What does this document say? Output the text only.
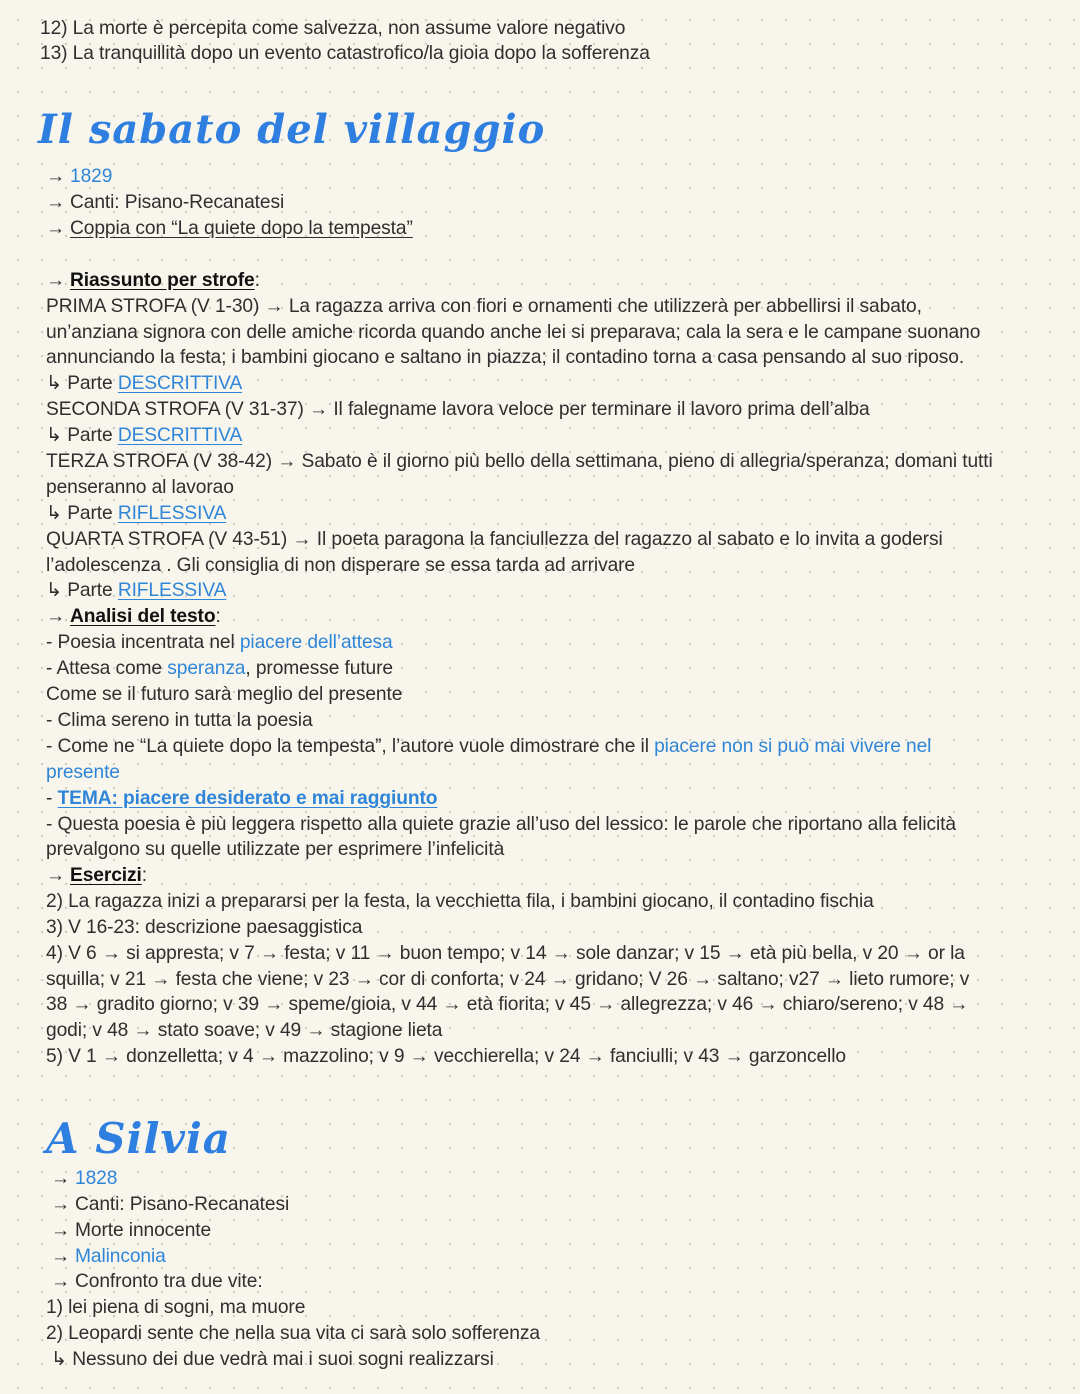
12) La morte è percepita come salvezza, non assume valore negativo
13) La tranquillità dopo un evento catastrofico/la gioia dopo la sofferenza
Il sabato del villaggio
→ 1829
→ Canti: Pisano-Recanatesi
→ Coppia con “La quiete dopo la tempesta”
→ Riassunto per strofe:
PRIMA STROFA (V 1-30) → La ragazza arriva con fiori e ornamenti che utilizzerà per abbellirsi il sabato,
un’anziana signora con delle amiche ricorda quando anche lei si preparava; cala la sera e le campane suonano
annunciando la festa; i bambini giocano e saltano in piazza; il contadino torna a casa pensando al suo riposo.
↳ Parte DESCRITTIVA
SECONDA STROFA (V 31-37) → Il falegname lavora veloce per terminare il lavoro prima dell’alba
↳ Parte DESCRITTIVA
TERZA STROFA (V 38-42) → Sabato è il giorno più bello della settimana, pieno di allegria/speranza; domani tutti
penseranno al lavorao
↳ Parte RIFLESSIVA
QUARTA STROFA (V 43-51) → Il poeta paragona la fanciullezza del ragazzo al sabato e lo invita a godersi
l’adolescenza . Gli consiglia di non disperare se essa tarda ad arrivare
↳ Parte RIFLESSIVA
→ Analisi del testo:
- Poesia incentrata nel piacere dell’attesa
- Attesa come speranza, promesse future
Come se il futuro sarà meglio del presente
- Clima sereno in tutta la poesia
- Come ne “La quiete dopo la tempesta”, l’autore vuole dimostrare che il piacere non si può mai vivere nel
presente
- TEMA: piacere desiderato e mai raggiunto
- Questa poesia è più leggera rispetto alla quiete grazie all’uso del lessico: le parole che riportano alla felicità
prevalgono su quelle utilizzate per esprimere l’infelicità
→ Esercizi:
2) La ragazza inizi a prepararsi per la festa, la vecchietta fila, i bambini giocano, il contadino fischia
3) V 16-23: descrizione paesaggistica
4) V 6 → si appresta; v 7 → festa; v 11 → buon tempo; v 14 → sole danzar; v 15 → età più bella, v 20 → or la
squilla; v 21 → festa che viene; v 23 → cor di conforta; v 24 → gridano; V 26 → saltano; v27 → lieto rumore; v
38 → gradito giorno; v 39 → speme/gioia, v 44 → età fiorita; v 45 → allegrezza; v 46 → chiaro/sereno; v 48 →
godi; v 48 → stato soave; v 49 → stagione lieta
5) V 1 → donzelletta; v 4 → mazzolino; v 9 → vecchierella; v 24 → fanciulli; v 43 → garzoncello
A Silvia
→ 1828
→ Canti: Pisano-Recanatesi
→ Morte innocente
→ Malinconia
→ Confronto tra due vite:
1) lei piena di sogni, ma muore
2) Leopardi sente che nella sua vita ci sarà solo sofferenza
↳ Nessuno dei due vedrà mai i suoi sogni realizzarsi
